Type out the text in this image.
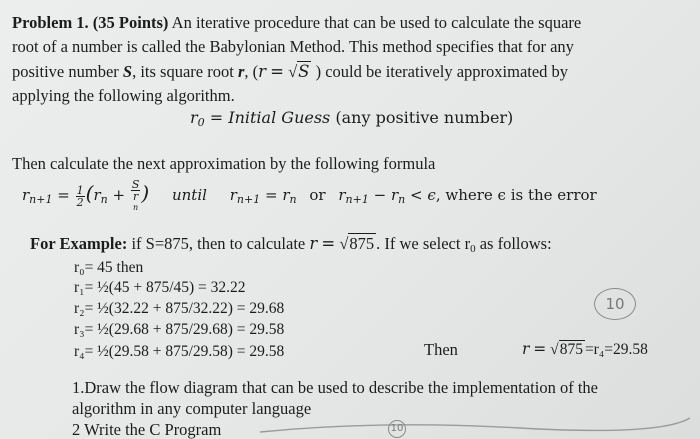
Problem 1. (35 Points) An iterative procedure that can be used to calculate the square
root of a number is called the Babylonian Method. This method specifies that for any
positive number S, its square root r, (r = √S ) could be iteratively approximated by
applying the following algorithm.
$r_0$ = Initial Guess (any positive number)
Then calculate the next approximation by the following formula
$r_{n+1} = \frac{1}{2} (r_n + S$
r
n ) until $r_{n+1} = r_n$ or $r_{n+1} - r_n < \epsilon$, where ϵ is the error
For Example: if S=875, then to calculate r = √875 . If we select $r_0$ as follows:
r₀= 45 then
r₁= ½(45 + 875/45) = 32.22
r₂= ½(32.22 + 875/32.22) = 29.68
r₃= ½(29.68 + 875/29.68) = 29.58
r₄= ½(29.58 + 875/29.58) = 29.58
10
Then	r = √875 =r₄=29.58
1.Draw the flow diagram that can be used to describe the implementation of the
algorithm in any computer language
2 Write the C Program	10
